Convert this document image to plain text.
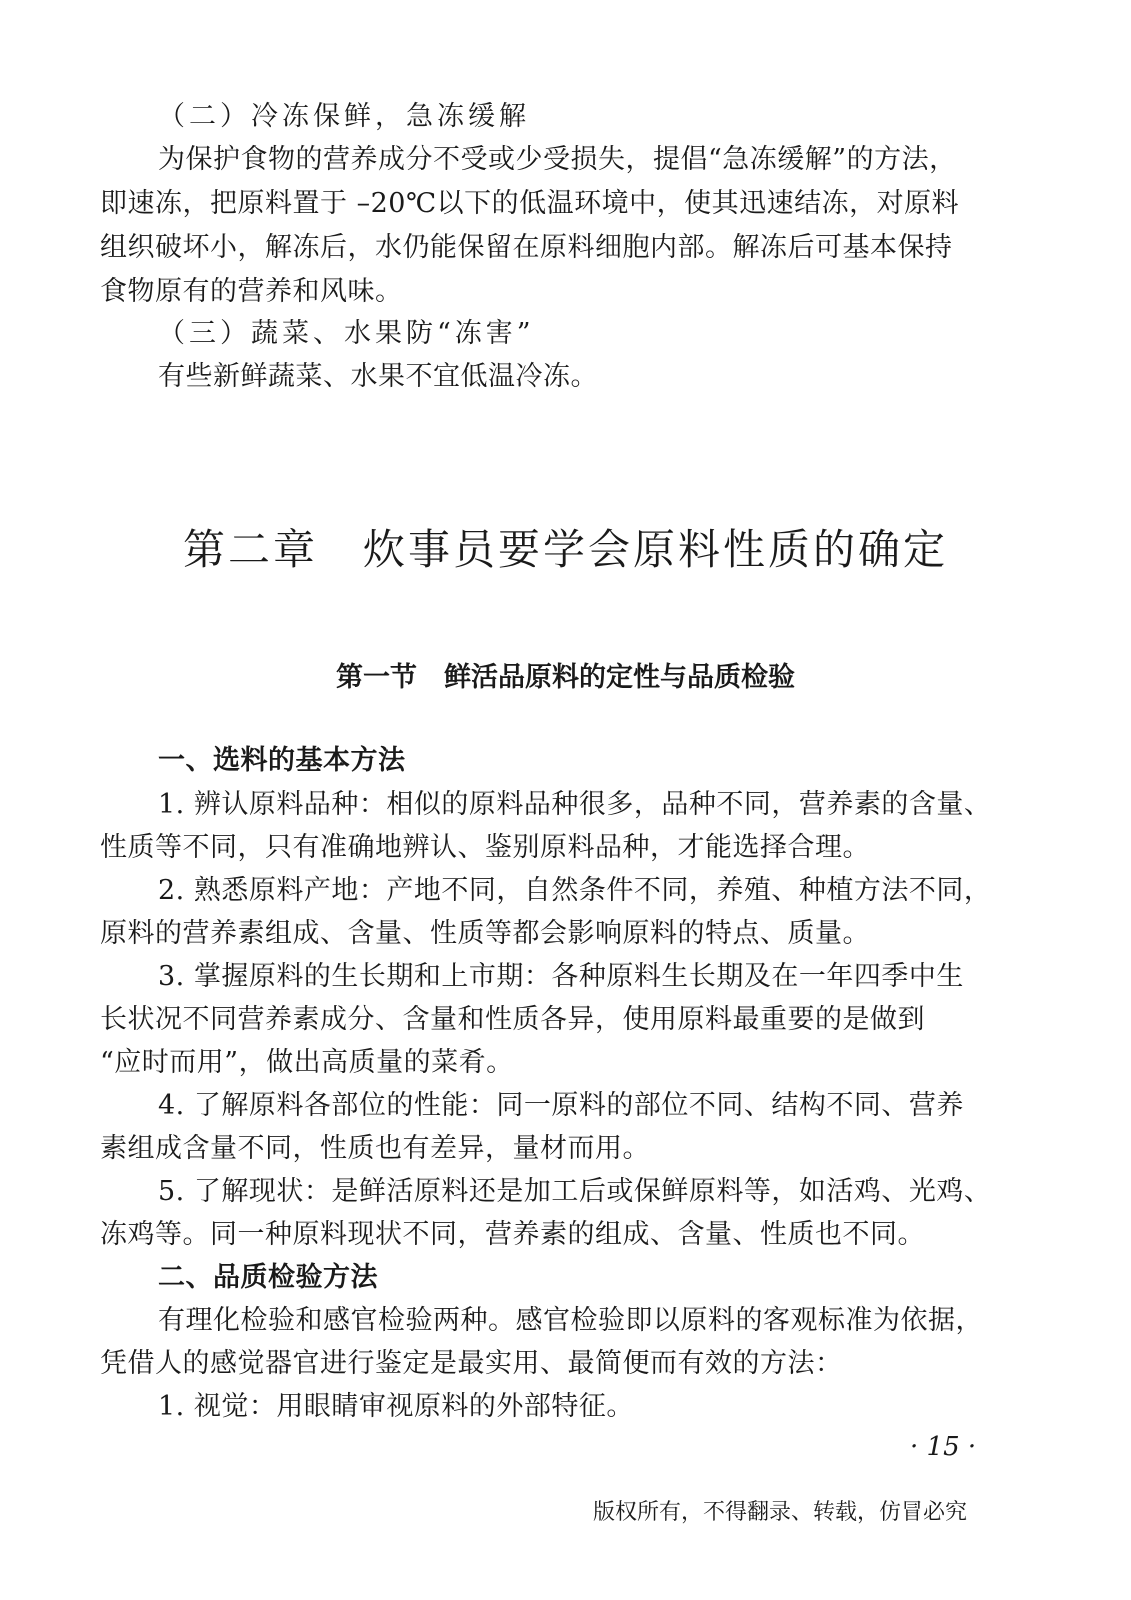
（二）冷冻保鲜，急冻缓解
为保护食物的营养成分不受或少受损失，提倡“急冻缓解”的方法，
即速冻，把原料置于 –20℃以下的低温环境中，使其迅速结冻，对原料
组织破坏小，解冻后，水仍能保留在原料细胞内部。解冻后可基本保持
食物原有的营养和风味。
（三）蔬菜、水果防“冻害”
有些新鲜蔬菜、水果不宜低温冷冻。
第二章　炊事员要学会原料性质的确定
第一节　鲜活品原料的定性与品质检验
一、选料的基本方法
1. 辨认原料品种：相似的原料品种很多，品种不同，营养素的含量、
性质等不同，只有准确地辨认、鉴别原料品种，才能选择合理。
2. 熟悉原料产地：产地不同，自然条件不同，养殖、种植方法不同，
原料的营养素组成、含量、性质等都会影响原料的特点、质量。
3. 掌握原料的生长期和上市期：各种原料生长期及在一年四季中生
长状况不同营养素成分、含量和性质各异，使用原料最重要的是做到
“应时而用”，做出高质量的菜肴。
4. 了解原料各部位的性能：同一原料的部位不同、结构不同、营养
素组成含量不同，性质也有差异，量材而用。
5. 了解现状：是鲜活原料还是加工后或保鲜原料等，如活鸡、光鸡、
冻鸡等。同一种原料现状不同，营养素的组成、含量、性质也不同。
二、品质检验方法
有理化检验和感官检验两种。感官检验即以原料的客观标准为依据，
凭借人的感觉器官进行鉴定是最实用、最简便而有效的方法：
1. 视觉：用眼睛审视原料的外部特征。
· 15 ·
版权所有，不得翻录、转载，仿冒必究
